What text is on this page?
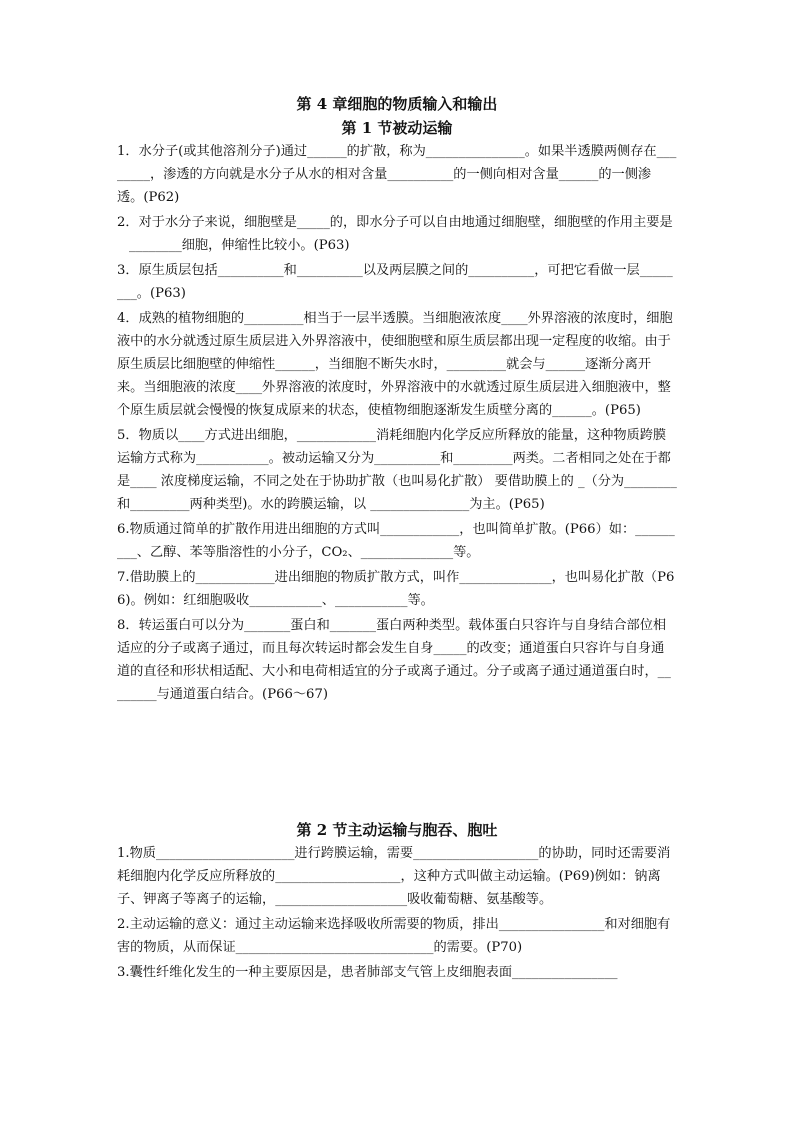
第 4 章细胞的物质输入和输出

第 1 节被动运输

1．水分子(或其他溶剂分子)通过______的扩散，称为_______________。如果半透膜两侧存在________，渗透的方向就是水分子从水的相对含量__________的一侧向相对含量______的一侧渗透。(P62)

2．对于水分子来说，细胞壁是_____的，即水分子可以自由地通过细胞壁，细胞壁的作用主要是________细胞，伸缩性比较小。(P63)

3．原生质层包括__________和__________以及两层膜之间的__________，可把它看做一层________。(P63)

4．成熟的植物细胞的_________相当于一层半透膜。当细胞液浓度____外界溶液的浓度时，细胞液中的水分就透过原生质层进入外界溶液中，使细胞壁和原生质层都出现一定程度的收缩。由于原生质层比细胞壁的伸缩性______，当细胞不断失水时，_________就会与______逐渐分离开来。当细胞液的浓度____外界溶液的浓度时，外界溶液中的水就透过原生质层进入细胞液中，整个原生质层就会慢慢的恢复成原来的状态，使植物细胞逐渐发生质壁分离的______。(P65)

5．物质以____方式进出细胞，____________消耗细胞内化学反应所释放的能量，这种物质跨膜运输方式称为___________。被动运输又分为__________和_________两类。二者相同之处在于都是____ 浓度梯度运输，不同之处在于协助扩散（也叫易化扩散） 要借助膜上的 _（分为________和_________两种类型)。水的跨膜运输，以 _______________为主。(P65)

6.物质通过简单的扩散作用进出细胞的方式叫____________，也叫简单扩散。(P66）如：_________、乙醇、苯等脂溶性的小分子，CO₂、______________等。

7.借助膜上的____________进出细胞的物质扩散方式，叫作______________，也叫易化扩散（P66)。例如：红细胞吸收___________、___________等。

8．转运蛋白可以分为_______蛋白和_______蛋白两种类型。载体蛋白只容许与自身结合部位相适应的分子或离子通过，而且每次转运时都会发生自身_____的改变；通道蛋白只容许与自身通道的直径和形状相适配、大小和电荷相适宜的分子或离子通过。分子或离子通过通道蛋白时，________与通道蛋白结合。(P66～67)

第 2 节主动运输与胞吞、胞吐

1.物质_____________________进行跨膜运输，需要___________________的协助，同时还需要消耗细胞内化学反应所释放的___________________，这种方式叫做主动运输。(P69)例如：钠离子、钾离子等离子的运输，____________________吸收葡萄糖、氨基酸等。

2.主动运输的意义：通过主动运输来选择吸收所需要的物质，排出________________和对细胞有害的物质，从而保证______________________________的需要。(P70)

3.囊性纤维化发生的一种主要原因是，患者肺部支气管上皮细胞表面________________
